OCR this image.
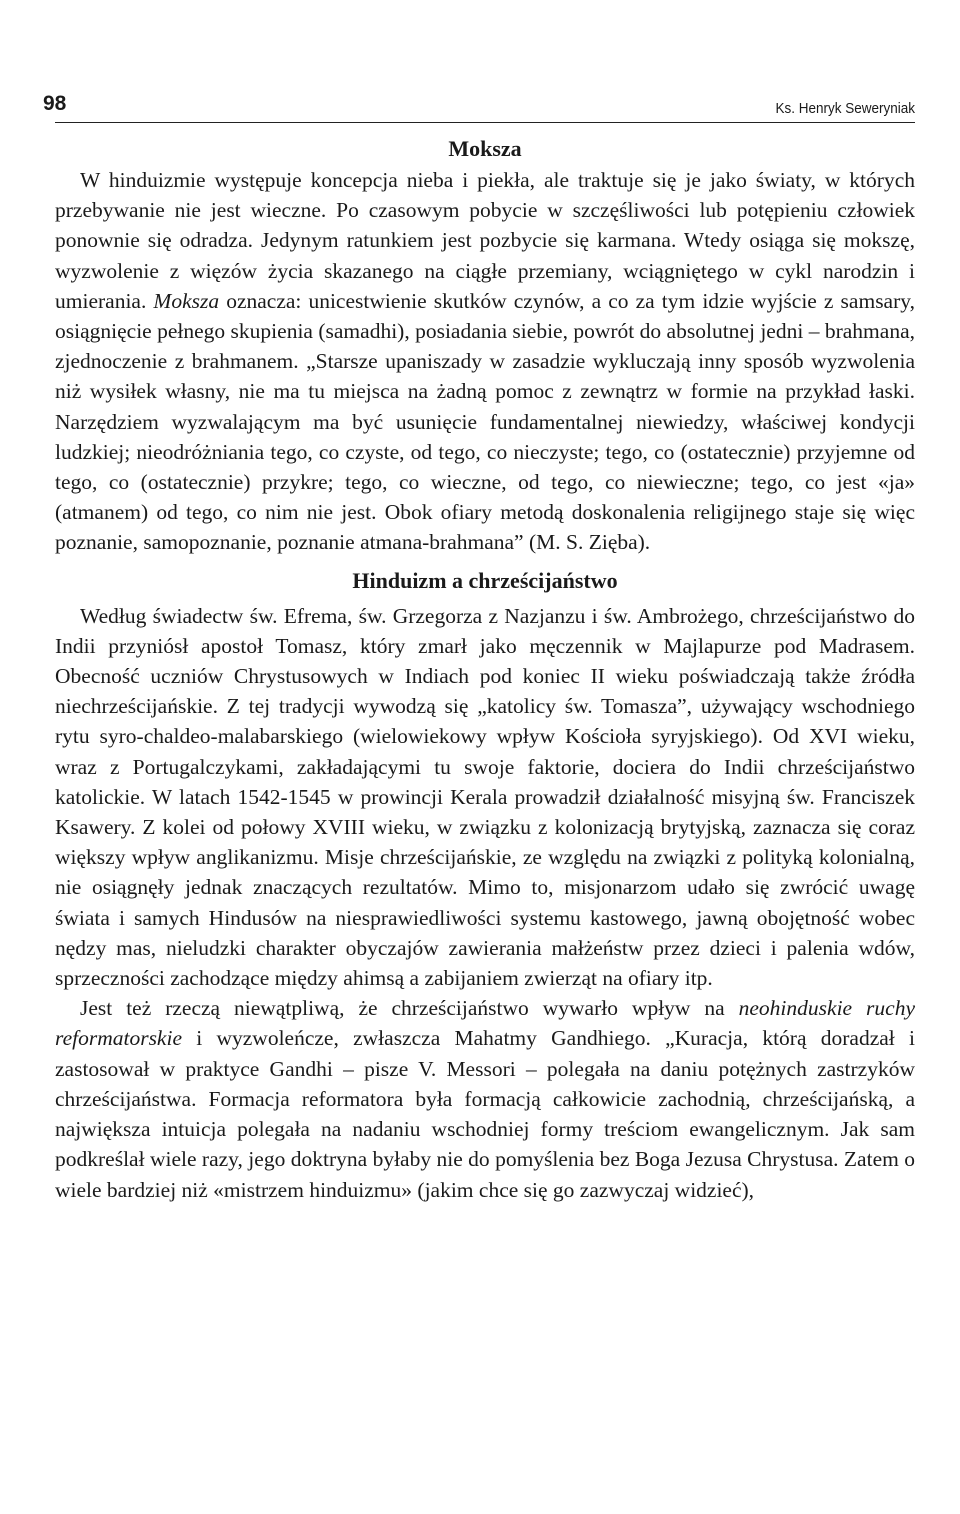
98	Ks. Henryk Seweryniak
Moksza

W hinduizmie występuje koncepcja nieba i piekła, ale traktuje się je jako światy, w których przebywanie nie jest wieczne. Po czasowym pobycie w szczęśliwości lub potępieniu człowiek ponownie się odradza. Jedynym ratunkiem jest pozbycie się karmana. Wtedy osiąga się mokszę, wyzwolenie z więzów życia skazanego na ciągłe przemiany, wciągniętego w cykl narodzin i umierania. Moksza oznacza: unicestwienie skutków czynów, a co za tym idzie wyjście z samsary, osiągnięcie pełnego skupienia (samadhi), posiadania siebie, powrót do absolutnej jedni – brahmana, zjednoczenie z brahmanem. „Starsze upaniszady w zasadzie wykluczają inny sposób wyzwolenia niż wysiłek własny, nie ma tu miejsca na żadną pomoc z zewnątrz w formie na przykład łaski. Narzędziem wyzwalającym ma być usunięcie fundamentalnej niewiedzy, właściwej kondycji ludzkiej; nieodróżniania tego, co czyste, od tego, co nieczyste; tego, co (ostatecznie) przyjemne od tego, co (ostatecznie) przykre; tego, co wieczne, od tego, co niewieczne; tego, co jest «ja» (atmanem) od tego, co nim nie jest. Obok ofiary metodą doskonalenia religijnego staje się więc poznanie, samopoznanie, poznanie atmana-brahmana” (M. S. Zięba).

Hinduizm a chrześcijaństwo

Według świadectw św. Efrema, św. Grzegorza z Nazjanzu i św. Ambrożego, chrześcijaństwo do Indii przyniósł apostoł Tomasz, który zmarł jako męczennik w Majlapurze pod Madrasem. Obecność uczniów Chrystusowych w Indiach pod koniec II wieku poświadczają także źródła niechrześcijańskie. Z tej tradycji wywodzą się „katolicy św. Tomasza”, używający wschodniego rytu syro-chaldeo-malabarskiego (wielowiekowy wpływ Kościoła syryjskiego). Od XVI wieku, wraz z Portugalczykami, zakładającymi tu swoje faktorie, dociera do Indii chrześcijaństwo katolickie. W latach 1542-1545 w prowincji Kerala prowadził działalność misyjną św. Franciszek Ksawery. Z kolei od połowy XVIII wieku, w związku z kolonizacją brytyjską, zaznacza się coraz większy wpływ anglikanizmu. Misje chrześcijańskie, ze względu na związki z polityką kolonialną, nie osiągnęły jednak znaczących rezultatów. Mimo to, misjonarzom udało się zwrócić uwagę świata i samych Hindusów na niesprawiedliwości systemu kastowego, jawną obojętność wobec nędzy mas, nieludzki charakter obyczajów zawierania małżeństw przez dzieci i palenia wdów, sprzeczności zachodzące między ahimsą a zabijaniem zwierząt na ofiary itp.

Jest też rzeczą niewątpliwą, że chrześcijaństwo wywarło wpływ na neohinduskie ruchy reformatorskie i wyzwoleńcze, zwłaszcza Mahatmy Gandhiego. „Kuracja, którą doradzał i zastosował w praktyce Gandhi – pisze V. Messori – polegała na daniu potężnych zastrzyków chrześcijaństwa. Formacja reformatora była formacją całkowicie zachodnią, chrześcijańską, a największa intuicja polegała na nadaniu wschodniej formy treściom ewangelicznym. Jak sam podkreślał wiele razy, jego doktryna byłaby nie do pomyślenia bez Boga Jezusa Chrystusa. Zatem o wiele bardziej niż «mistrzem hinduizmu» (jakim chce się go zazwyczaj widzieć),
